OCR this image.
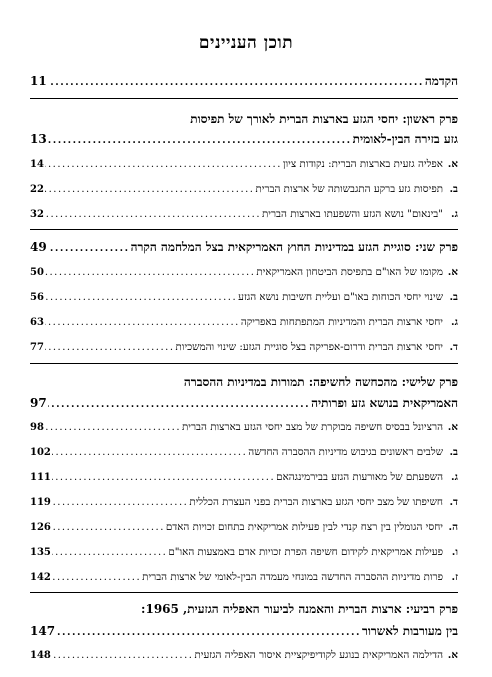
תוכן העניינים
הקדמה
.....
11
פרק ראשון: יחסי הגזע בארצות הברית לאורך של תפיסות
גזע בזירה הבין-לאומית
.....
13
א.אפליה גזעית בארצות הברית: נקודות ציון
.....
14
ב.תפיסות גזע ברקע התגבשותה של ארצות הברית
.....
22
ג."בינאום" נושא הגזע והשפעתו בארצות הברית
.....
32
פרק שני: סוגיית הגזע במדיניות החוץ האמריקאית בצל המלחמה הקרה
.....
49
א.מקומו של האו"ם בתפיסת הביטחון האמריקאית
.....
50
ב.שינוי יחסי הכוחות באו"ם ועליית חשיבות נושא הגזע
.....
56
ג.יחסי ארצות הברית והמדיניות המתפתחות באפריקה
.....
63
ד.יחסי ארצות הברית ודרום-אפריקה בצל סוגיית הגזע: שינוי והמשכיות
.....
77
פרק שלישי: מהכחשה לחשיפה: תמורות במדיניות ההסברה
האמריקאית בנושא גזע ופרותיה
.....
97
א.הרציונל בבסיס חשיפה מבוקרת של מצב יחסי הגזע בארצות הברית
.....
98
ב.שלבים ראשונים בגיבוש מדיניות ההסברה החדשה
.....
102
ג.השפעתם של מאורעות הגזע בבירמינגהאם
.....
111
ד.חשיפתו של מצב יחסי הגזע בארצות הברית בפני העצרת הכללית
.....
119
ה.יחסי הגומלין בין רצח קנדי לבין פעילות אמריקאית בתחום זכויות האדם
.....
126
ו.פעילות אמריקאית לקידום חשיפה הפרת זכויות אדם באמצעות האו"ם
.....
135
ז.פרות מדיניות ההסברה החדשה במונחי מעמדה הבין-לאומי של ארצות הברית
.....
142
פרק רביעי: ארצות הברית והאמנה לביעור האפליה הגזעית, 1965:
בין מעורבות לאשרור
.....
147
א.הדילמה האמריקאית בנוגע לקודיפיקציית איסור האפליה הגזעית
.....
148
